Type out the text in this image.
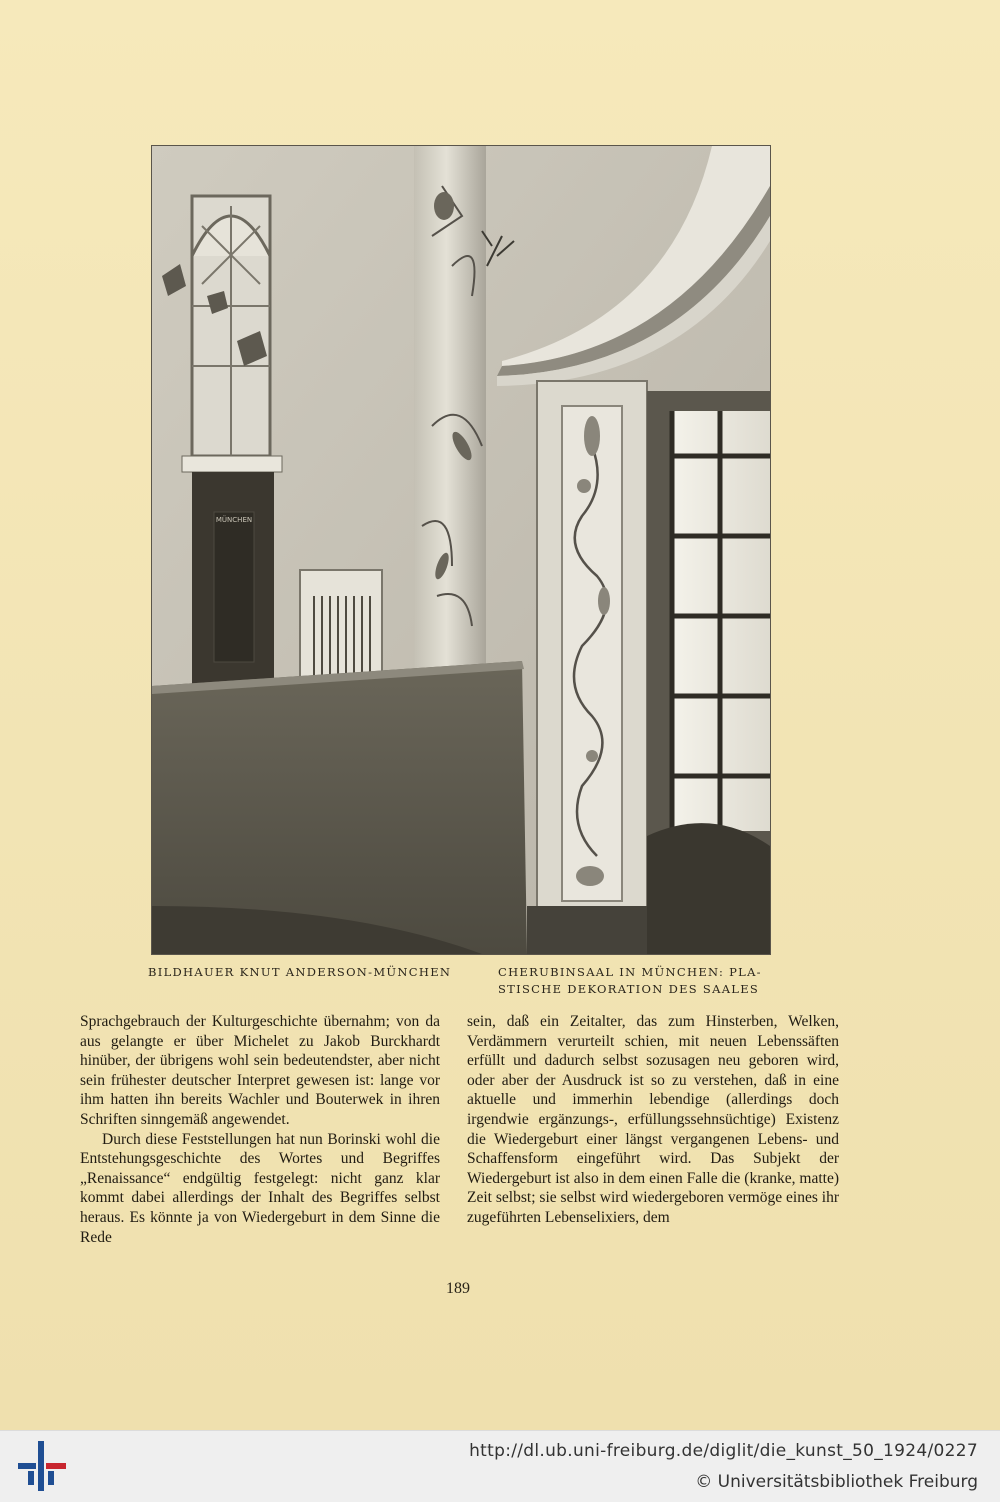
MÜNCHEN
BILDHAUER KNUT ANDERSON-MÜNCHEN	CHERUBINSAAL IN MÜNCHEN: PLA-
STISCHE DEKORATION DES SAALES

Sprachgebrauch der Kulturgeschichte übernahm; von da aus gelangte er über Michelet zu Jakob Burckhardt hinüber, der übrigens wohl sein bedeutendster, aber nicht sein frühester deutscher Interpret gewesen ist: lange vor ihm hatten ihn bereits Wachler und Bouterwek in ihren Schriften sinngemäß angewendet.

Durch diese Feststellungen hat nun Borinski wohl die Entstehungsgeschichte des Wortes und Begriffes „Renaissance“ endgültig festgelegt: nicht ganz klar kommt dabei allerdings der Inhalt des Begriffes selbst heraus. Es könnte ja von Wiedergeburt in dem Sinne die Rede

sein, daß ein Zeitalter, das zum Hinsterben, Welken, Verdämmern verurteilt schien, mit neuen Lebenssäften erfüllt und dadurch selbst sozusagen neu geboren wird, oder aber der Ausdruck ist so zu verstehen, daß in eine aktuelle und immerhin lebendige (allerdings doch irgendwie ergänzungs-, erfüllungssehnsüchtige) Existenz die Wiedergeburt einer längst vergangenen Lebens- und Schaffensform eingeführt wird. Das Subjekt der Wiedergeburt ist also in dem einen Falle die (kranke, matte) Zeit selbst; sie selbst wird wiedergeboren vermöge eines ihr zugeführten Lebenselixiers, dem

189
http://dl.ub.uni-freiburg.de/diglit/die_kunst_50_1924/0227
© Universitätsbibliothek Freiburg
